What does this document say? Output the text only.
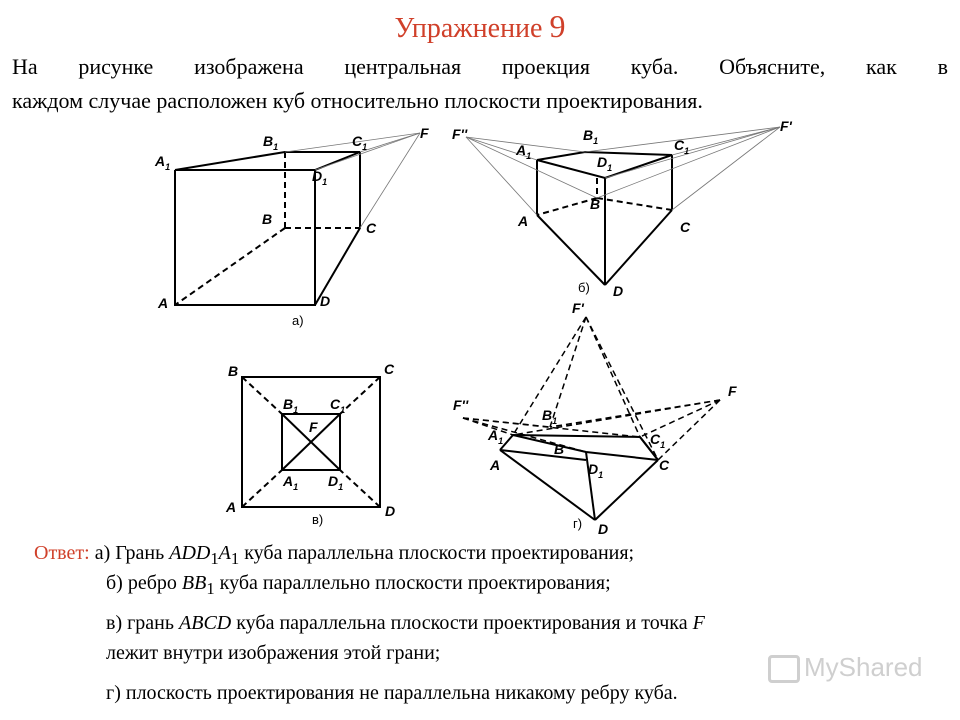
Упражнение 9
На рисунке изображена центральная проекция куба. Объясните, как в
каждом случае расположен куб относительно плоскости проектирования.
$A_1$
$B_1$	$C_1$
$D_1$
F
B
C
A	D
а)
F''	F'
$A_1$
$B_1$	$C_1$
$D_1$
B
A	C
б) D
B	C
A	D
$B_1$ $C_1$
$A_1$ $D_1$
F
в)
F'
F''
F
$B_1$
$A_1$	B
$C_1$
A	$D_1$
C
г) D
Ответ: а) Грань $ADD_1A_1$ куба параллельна плоскости проектирования;
б) ребро $BB_1$ куба параллельно плоскости проектирования;
в) грань ABCD куба параллельна плоскости проектирования и точка F
лежит внутри изображения этой грани;
г) плоскость проектирования не параллельна никакому ребру куба.
MyShared
